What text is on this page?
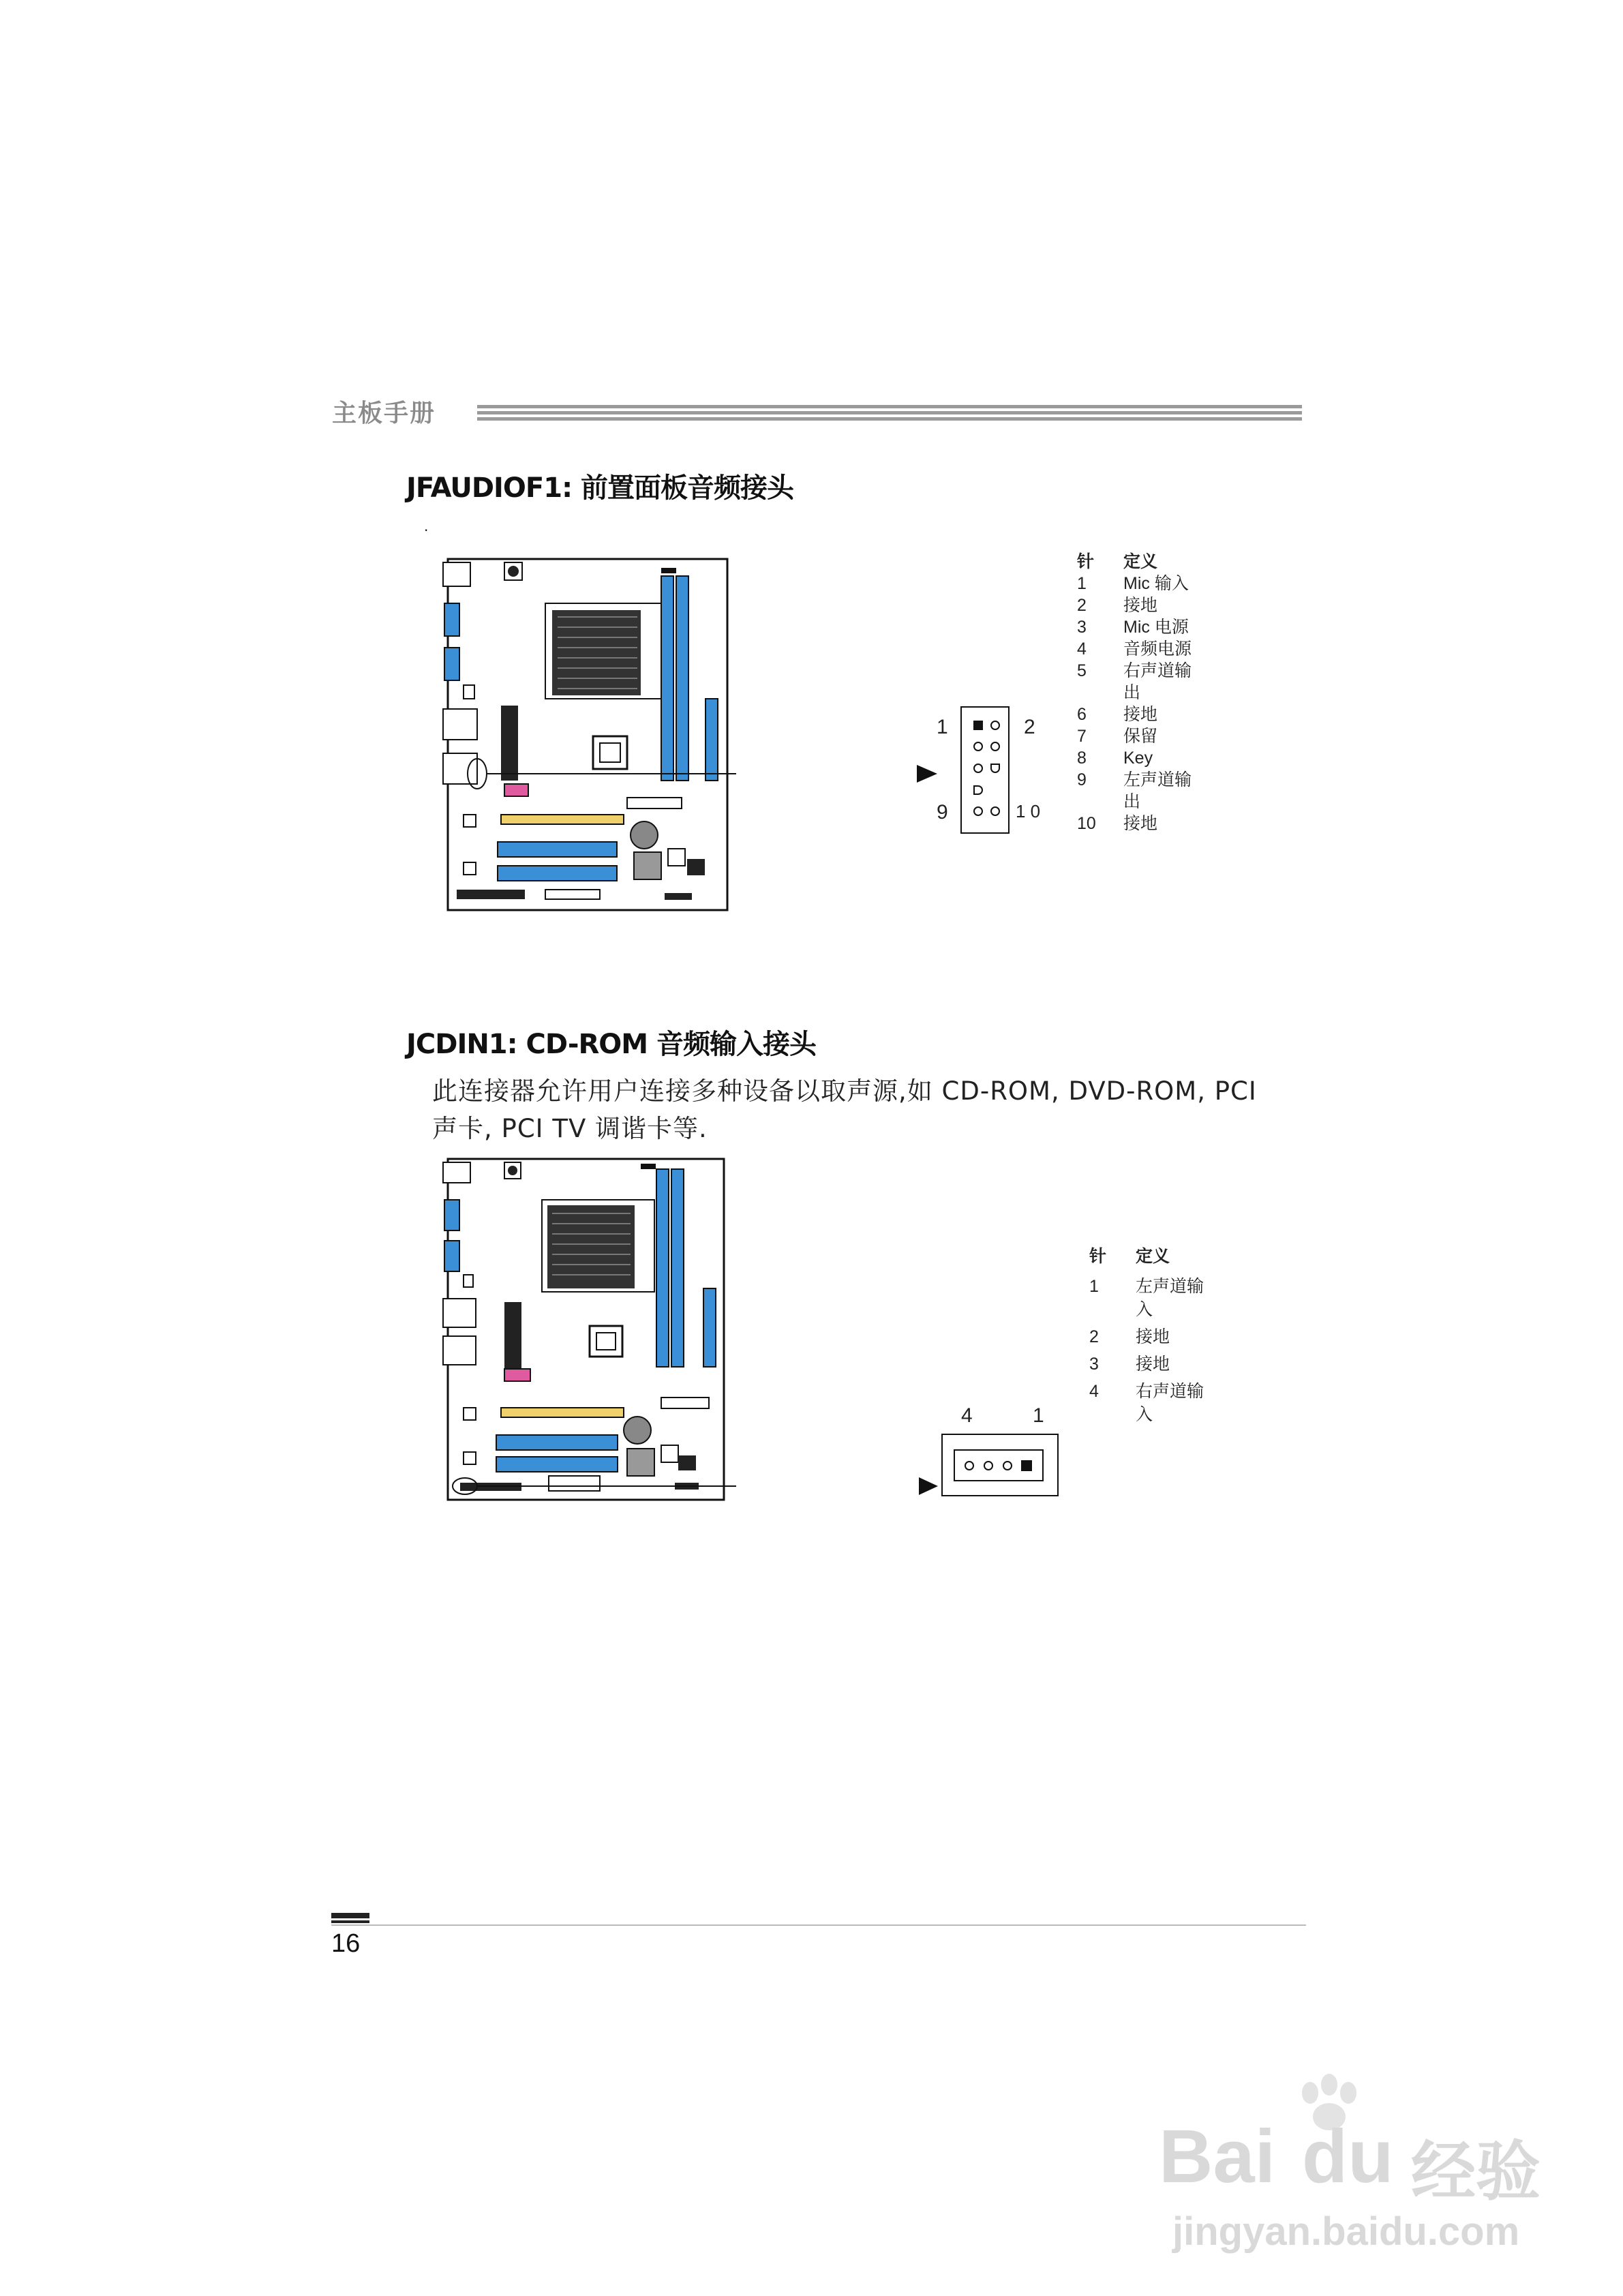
主板手册
JFAUDIOF1: 前置面板音频接头
.
1	2
9	1 0
针	定义
1	Mic 输入
2	接地
3	Mic 电源
4	音频电源
5	右声道输
出
6	接地
7	保留
8	Key
9	左声道输
出
10	接地
JCDIN1: CD-ROM 音频输入接头
此连接器允许用户连接多种设备以取声源,如 CD-ROM, DVD-ROM, PCI
声卡, PCI TV 调谐卡等.
4	1
针	定义
1	左声道输
入
2	接地
3	接地
4	右声道输
入
16
Bai du 经验
jingyan.baidu.com
